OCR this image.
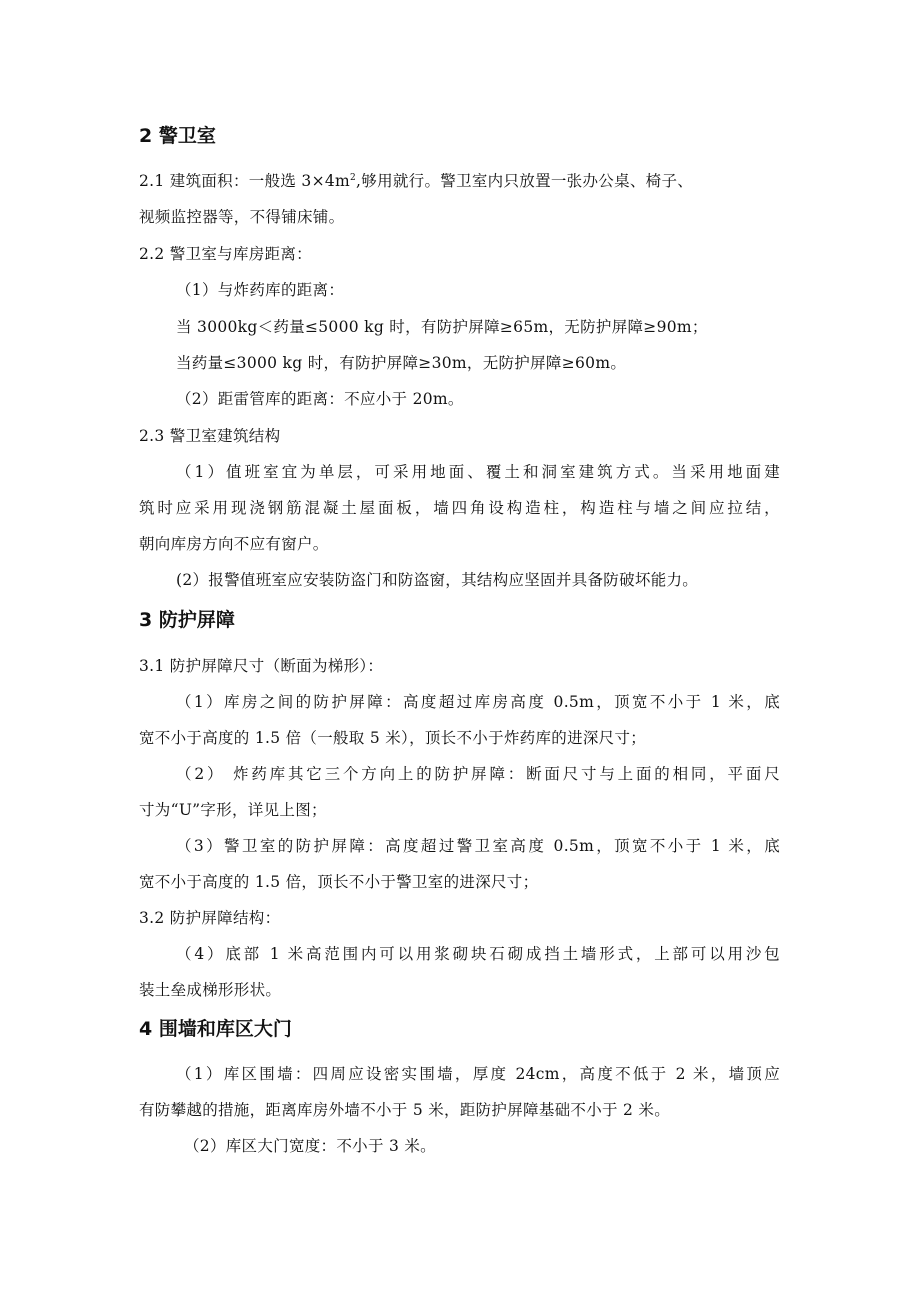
2 警卫室
2.1 建筑面积：一般选 $3\times 4m^2$,够用就行。警卫室内只放置一张办公桌、椅子、
视频监控器等，不得铺床铺。
2.2 警卫室与库房距离：
（1）与炸药库的距离：
当 3000kg＜药量≤5000 kg 时，有防护屏障≥65m，无防护屏障≥90m；
当药量≤3000 kg 时，有防护屏障≥30m，无防护屏障≥60m。
（2）距雷管库的距离：不应小于 20m。
2.3 警卫室建筑结构
（1）值班室宜为单层，可采用地面、覆土和洞室建筑方式。当采用地面建
筑时应采用现浇钢筋混凝土屋面板，墙四角设构造柱，构造柱与墙之间应拉结，
朝向库房方向不应有窗户。
(2）报警值班室应安装防盗门和防盗窗，其结构应坚固并具备防破坏能力。
3 防护屏障
3.1 防护屏障尺寸（断面为梯形）：
（1）库房之间的防护屏障：高度超过库房高度 0.5m，顶宽不小于 1 米，底
宽不小于高度的 1.5 倍（一般取 5 米），顶长不小于炸药库的进深尺寸；
（2） 炸药库其它三个方向上的防护屏障：断面尺寸与上面的相同，平面尺
寸为“U”字形，详见上图；
（3）警卫室的防护屏障：高度超过警卫室高度 0.5m，顶宽不小于 1 米，底
宽不小于高度的 1.5 倍，顶长不小于警卫室的进深尺寸；
3.2 防护屏障结构：
（4）底部 1 米高范围内可以用浆砌块石砌成挡土墙形式，上部可以用沙包
装土垒成梯形形状。
4 围墙和库区大门
（1）库区围墙：四周应设密实围墙，厚度 24cm，高度不低于 2 米，墙顶应
有防攀越的措施，距离库房外墙不小于 5 米，距防护屏障基础不小于 2 米。
（2）库区大门宽度：不小于 3 米。
